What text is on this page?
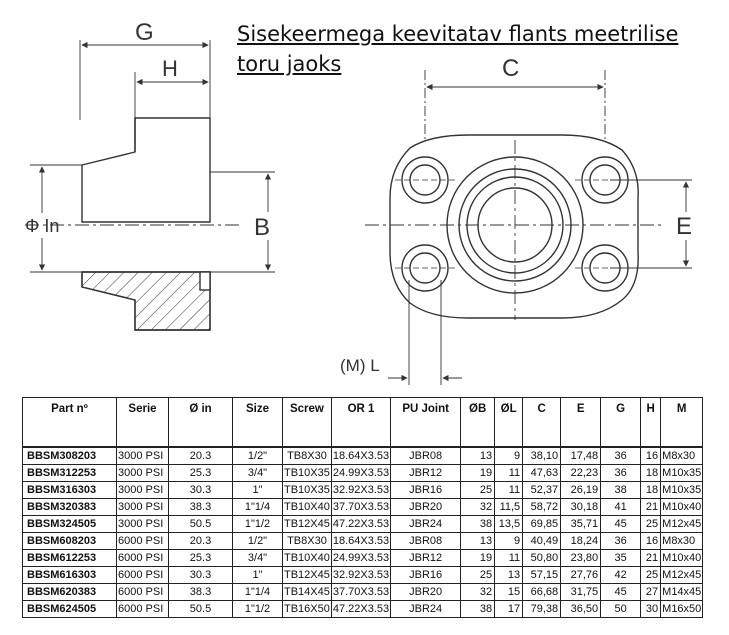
G
H
Φ In	B
C
E
(M) L
Sisekeermega keevitatav flants meetrilise
toru jaoks
Part nº	Serie	Ø in	Size	Screw	OR 1	PU Joint	ØB	ØL	C	E	G	H	M
BBSM308203	3000 PSI	20.3	1/2"	TB8X30	18.64X3.53	JBR08	13	9	38,10	17,48	36	16	M8x30
BBSM312253	3000 PSI	25.3	3/4"	TB10X35	24.99X3.53	JBR12	19	11	47,63	22,23	36	18	M10x35
BBSM316303	3000 PSI	30.3	1"	TB10X35	32.92X3.53	JBR16	25	11	52,37	26,19	38	18	M10x35
BBSM320383	3000 PSI	38.3	1"1/4	TB10X40	37.70X3.53	JBR20	32	11,5	58,72	30,18	41	21	M10x40
BBSM324505	3000 PSI	50.5	1"1/2	TB12X45	47.22X3.53	JBR24	38	13,5	69,85	35,71	45	25	M12x45
BBSM608203	6000 PSI	20.3	1/2"	TB8X30	18.64X3.53	JBR08	13	9	40,49	18,24	36	16	M8x30
BBSM612253	6000 PSI	25.3	3/4"	TB10X40	24.99X3.53	JBR12	19	11	50,80	23,80	35	21	M10x40
BBSM616303	6000 PSI	30.3	1"	TB12X45	32.92X3.53	JBR16	25	13	57,15	27,76	42	25	M12x45
BBSM620383	6000 PSI	38.3	1"1/4	TB14X45	37.70X3.53	JBR20	32	15	66,68	31,75	45	27	M14x45
BBSM624505	6000 PSI	50.5	1"1/2	TB16X50	47.22X3.53	JBR24	38	17	79,38	36,50	50	30	M16x50
